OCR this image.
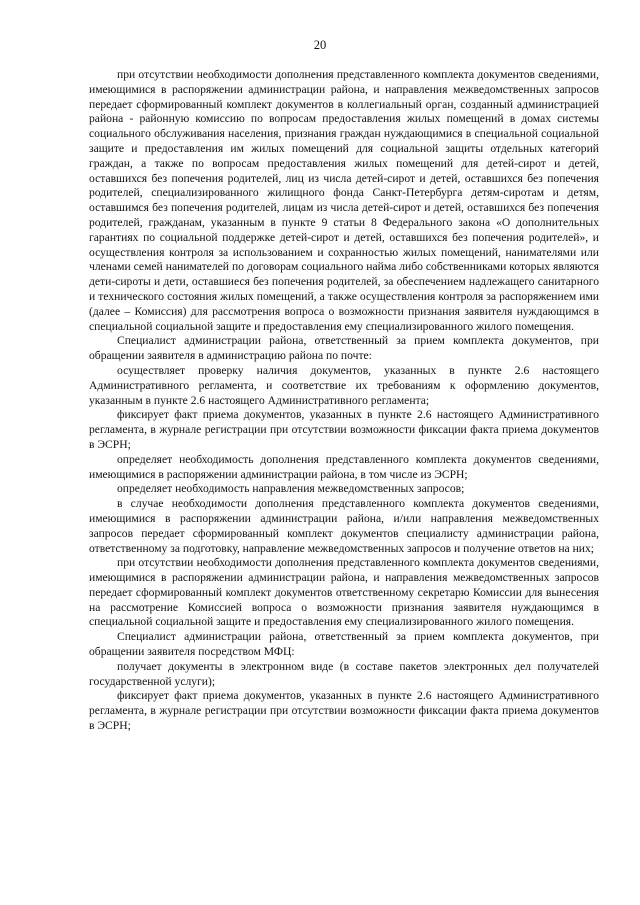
20

при отсутствии необходимости дополнения представленного комплекта документов сведениями, имеющимися в распоряжении администрации района, и направления межведомственных запросов передает сформированный комплект документов в коллегиальный орган, созданный администрацией района - районную комиссию по вопросам предоставления жилых помещений в домах системы социального обслуживания населения, признания граждан нуждающимися в специальной социальной защите и предоставления им жилых помещений для социальной защиты отдельных категорий граждан, а также по вопросам предоставления жилых помещений для детей-сирот и детей, оставшихся без попечения родителей, лиц из числа детей-сирот и детей, оставшихся без попечения родителей, специализированного жилищного фонда Санкт-Петербурга детям-сиротам и детям, оставшимся без попечения родителей, лицам из числа детей-сирот и детей, оставшихся без попечения родителей, гражданам, указанным в пункте 9 статьи 8 Федерального закона «О дополнительных гарантиях по социальной поддержке детей-сирот и детей, оставшихся без попечения родителей», и осуществления контроля за использованием и сохранностью жилых помещений, нанимателями или членами семей нанимателей по договорам социального найма либо собственниками которых являются дети-сироты и дети, оставшиеся без попечения родителей, за обеспечением надлежащего санитарного и технического состояния жилых помещений, а также осуществления контроля за распоряжением ими (далее – Комиссия) для рассмотрения вопроса о возможности признания заявителя нуждающимся в специальной социальной защите и предоставления ему специализированного жилого помещения.

Специалист администрации района, ответственный за прием комплекта документов, при обращении заявителя в администрацию района по почте:

осуществляет проверку наличия документов, указанных в пункте 2.6 настоящего Административного регламента, и соответствие их требованиям к оформлению документов, указанным в пункте 2.6 настоящего Административного регламента;

фиксирует факт приема документов, указанных в пункте 2.6 настоящего Административного регламента, в журнале регистрации при отсутствии возможности фиксации факта приема документов в ЭСРН;

определяет необходимость дополнения представленного комплекта документов сведениями, имеющимися в распоряжении администрации района, в том числе из ЭСРН;

определяет необходимость направления межведомственных запросов;

в случае необходимости дополнения представленного комплекта документов сведениями, имеющимися в распоряжении администрации района, и/или направления межведомственных запросов передает сформированный комплект документов специалисту администрации района, ответственному за подготовку, направление межведомственных запросов и получение ответов на них;

при отсутствии необходимости дополнения представленного комплекта документов сведениями, имеющимися в распоряжении администрации района, и направления межведомственных запросов передает сформированный комплект документов ответственному секретарю Комиссии для вынесения на рассмотрение Комиссией вопроса о возможности признания заявителя нуждающимся в специальной социальной защите и предоставления ему специализированного жилого помещения.

Специалист администрации района, ответственный за прием комплекта документов, при обращении заявителя посредством МФЦ:

получает документы в электронном виде (в составе пакетов электронных дел получателей государственной услуги);

фиксирует факт приема документов, указанных в пункте 2.6 настоящего Административного регламента, в журнале регистрации при отсутствии возможности фиксации факта приема документов в ЭСРН;
